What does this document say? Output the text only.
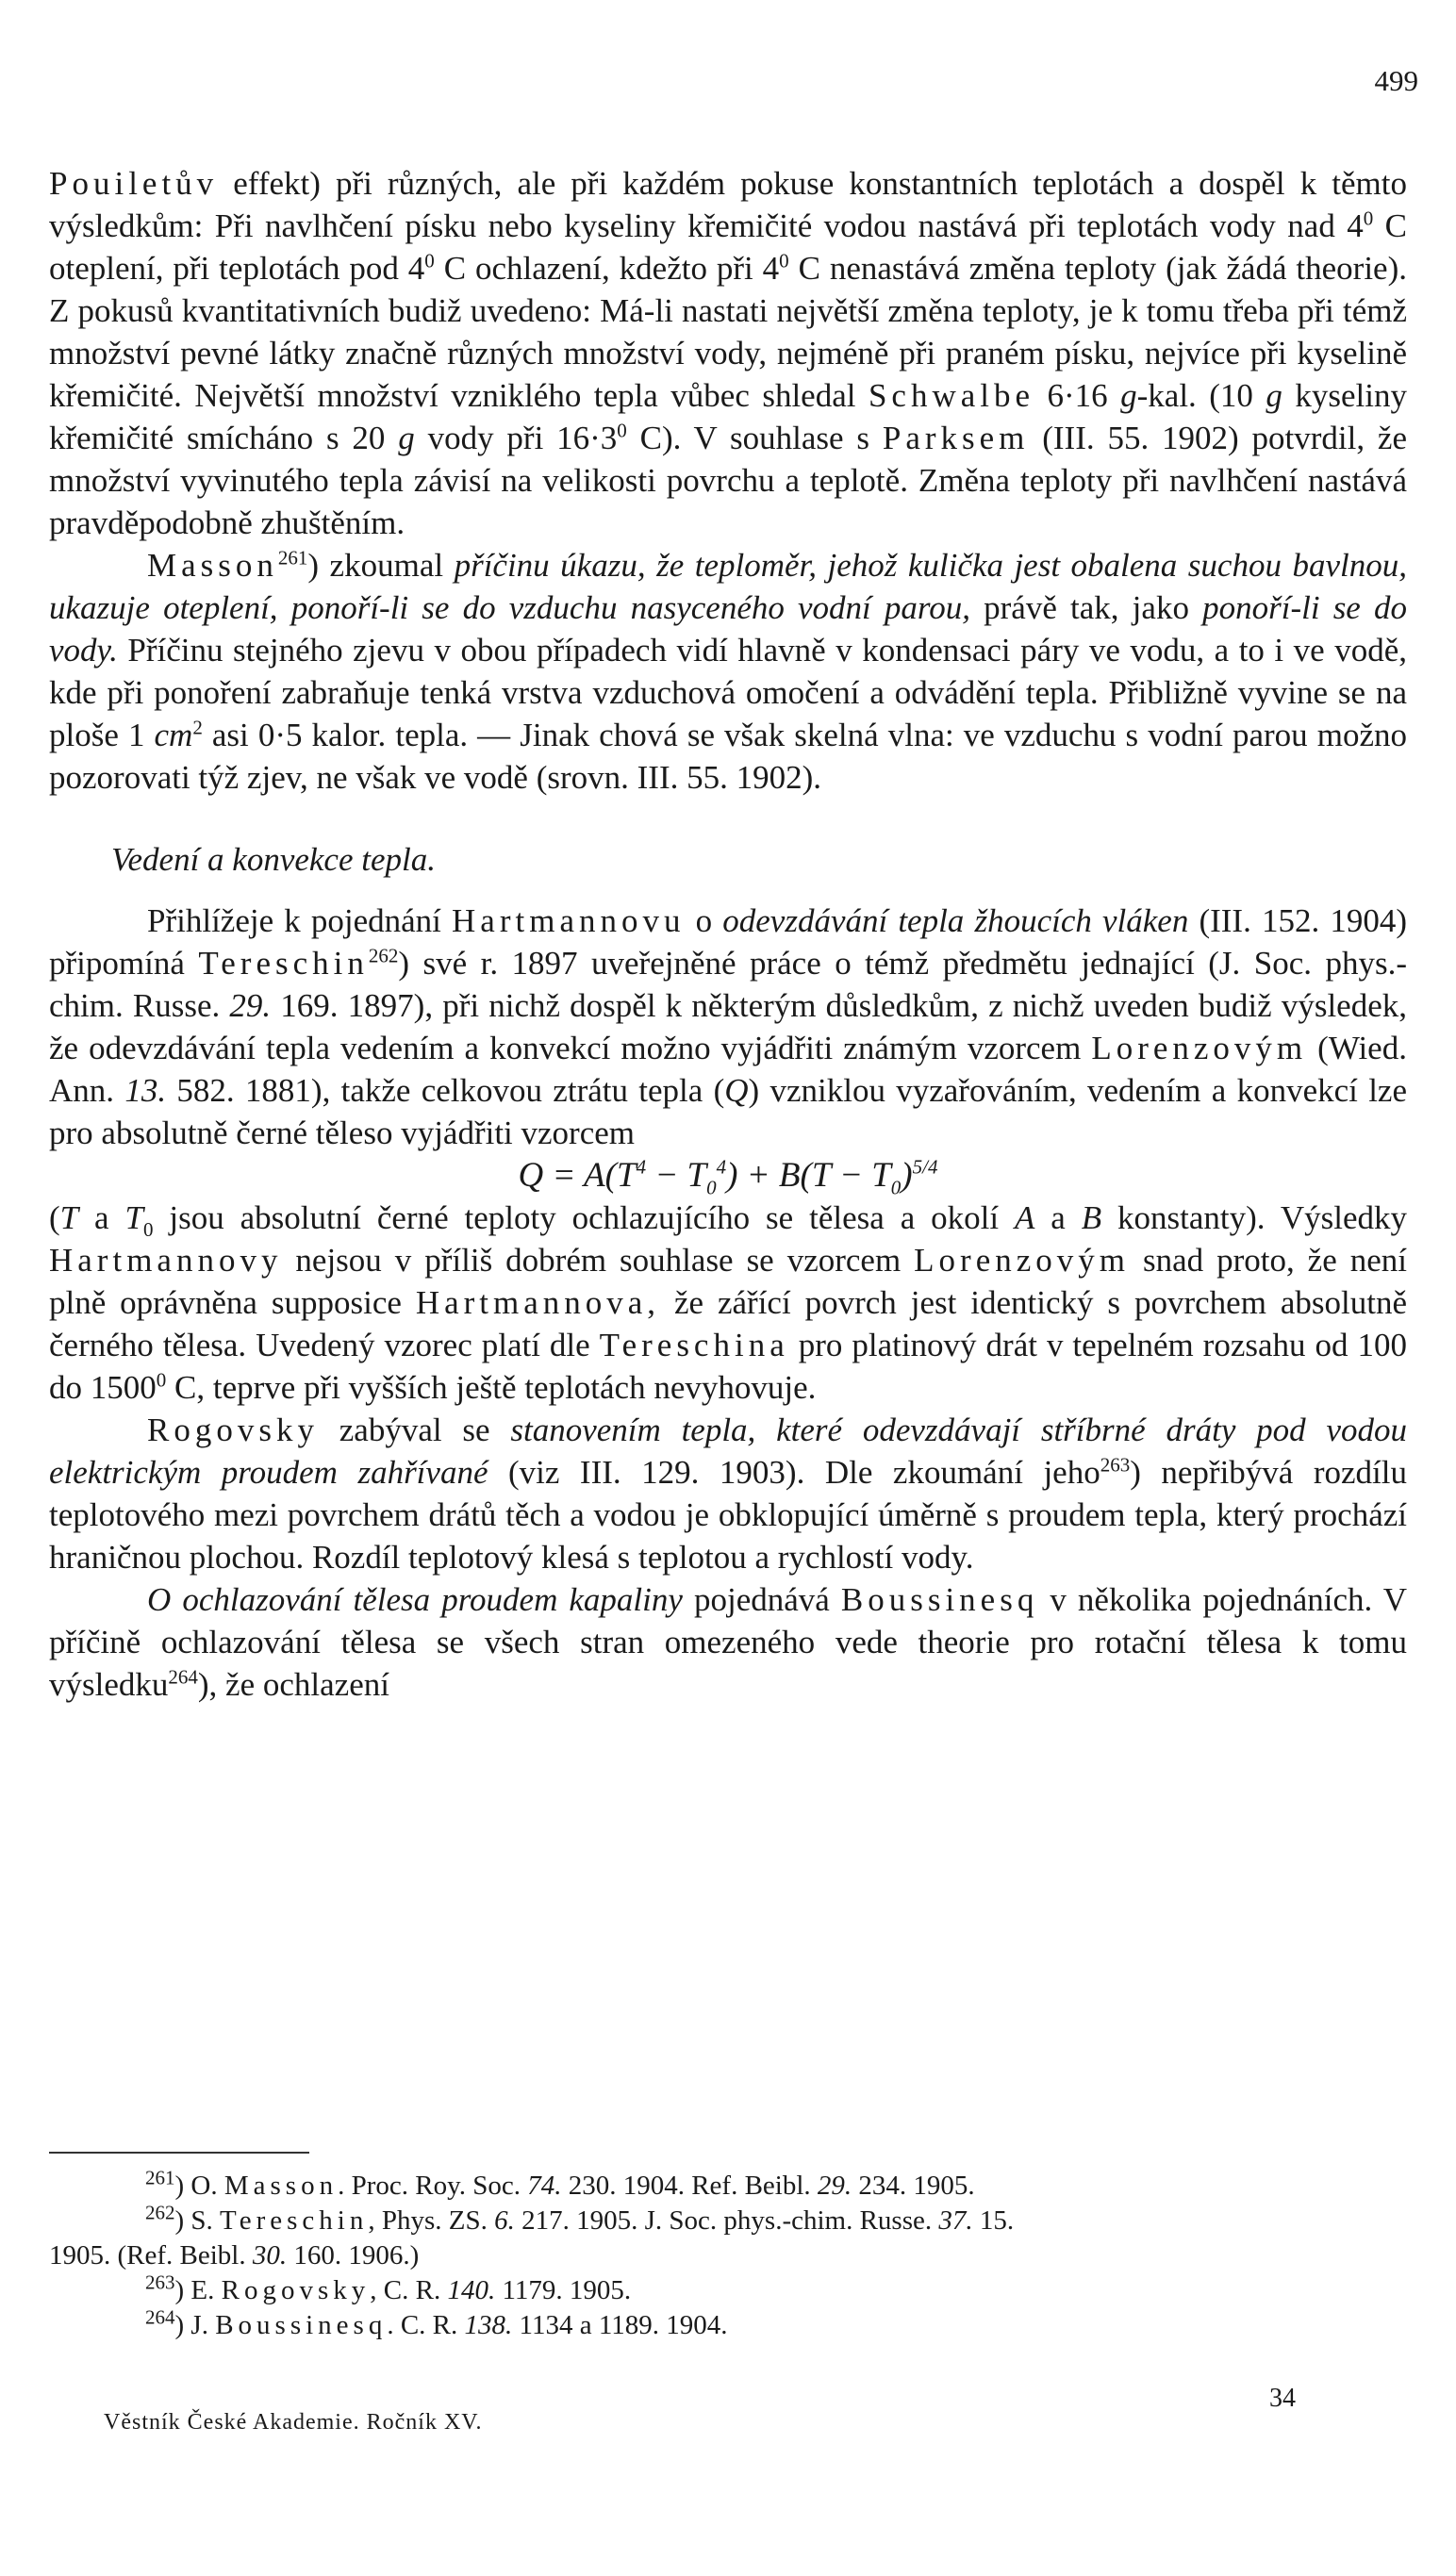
499

Pouiletův effekt) při různých, ale při každém pokuse konstantních teplotách a dospěl k těmto výsledkům: Při navlhčení písku nebo kyseliny křemičité vodou nastává při teplotách vody nad $4^0$ C oteplení, při teplotách pod $4^0$ C ochlazení, kdežto při $4^0$ C nenastává změna teploty (jak žádá theorie). Z pokusů kvantitativních budiž uvedeno: Má-li nastati největší změna teploty, je k tomu třeba při témž množství pevné látky značně různých množství vody, nejméně při praném písku, nejvíce při kyselině křemičité. Největší množství vzniklého tepla vůbec shledal Schwalbe 6·16 g-kal. (10 g kyseliny křemičité smícháno s 20 g vody při $16\cdot 3^0$ C). V souhlase s Parksem (III. 55. 1902) potvrdil, že množství vyvinutého tepla závisí na velikosti povrchu a teplotě. Změna teploty při navlhčení nastává pravděpodobně zhuštěním.

Masson$^{261}$) zkoumal příčinu úkazu, že teploměr, jehož kulička jest obalena suchou bavlnou, ukazuje oteplení, ponoří-li se do vzduchu nasyceného vodní parou, právě tak, jako ponoří-li se do vody. Příčinu stejného zjevu v obou případech vidí hlavně v kondensaci páry ve vodu, a to i ve vodě, kde při ponoření zabraňuje tenká vrstva vzduchová omočení a odvádění tepla. Přibližně vyvine se na ploše 1 $cm^2$ asi 0·5 kalor. tepla. — Jinak chová se však skelná vlna: ve vzduchu s vodní parou možno pozorovati týž zjev, ne však ve vodě (srovn. III. 55. 1902).

Vedení a konvekce tepla.

Přihlížeje k pojednání Hartmannovu o odevzdávání tepla žhoucích vláken (III. 152. 1904) připomíná Tereschin$^{262}$) své r. 1897 uveřejněné práce o témž předmětu jednající (J. Soc. phys.-chim. Russe. 29. 169. 1897), při nichž dospěl k některým důsledkům, z nichž uveden budiž výsledek, že odevzdávání tepla vedením a konvekcí možno vyjádřiti známým vzorcem Lorenzovým (Wied. Ann. 13. 582. 1881), takže celkovou ztrátu tepla (Q) vzniklou vyzařováním, vedením a konvekcí lze pro absolutně černé těleso vyjádřiti vzorcem

$Q = A(T^4 - T_0^4) + B(T - T_0)^{5/4}$

(T a $T_0$ jsou absolutní černé teploty ochlazujícího se tělesa a okolí A a B konstanty). Výsledky Hartmannovy nejsou v příliš dobrém souhlase se vzorcem Lorenzovým snad proto, že není plně oprávněna supposice Hartmannova, že zářící povrch jest identický s povrchem absolutně černého tělesa. Uvedený vzorec platí dle Tereschina pro platinový drát v tepelném rozsahu od 100 do 1500$^0$ C, teprve při vyšších ještě teplotách nevyhovuje.

Rogovsky zabýval se stanovením tepla, které odevzdávají stříbrné dráty pod vodou elektrickým proudem zahřívané (viz III. 129. 1903). Dle zkoumání jeho$^{263}$) nepřibývá rozdílu teplotového mezi povrchem drátů těch a vodou je obklopující úměrně s proudem tepla, který prochází hraničnou plochou. Rozdíl teplotový klesá s teplotou a rychlostí vody.

O ochlazování tělesa proudem kapaliny pojednává Boussinesq v několika pojednáních. V příčině ochlazování tělesa se všech stran omezeného vede theorie pro rotační tělesa k tomu výsledku$^{264}$), že ochlazení

$^{261}$) O. Masson. Proc. Roy. Soc. 74. 230. 1904. Ref. Beibl. 29. 234. 1905.

$^{262}$) S. Tereschin, Phys. ZS. 6. 217. 1905. J. Soc. phys.-chim. Russe. 37. 15.

1905. (Ref. Beibl. 30. 160. 1906.)

$^{263}$) E. Rogovsky, C. R. 140. 1179. 1905.

$^{264}$) J. Boussinesq. C. R. 138. 1134 a 1189. 1904.

Věstník České Akademie. Ročník XV.
34
